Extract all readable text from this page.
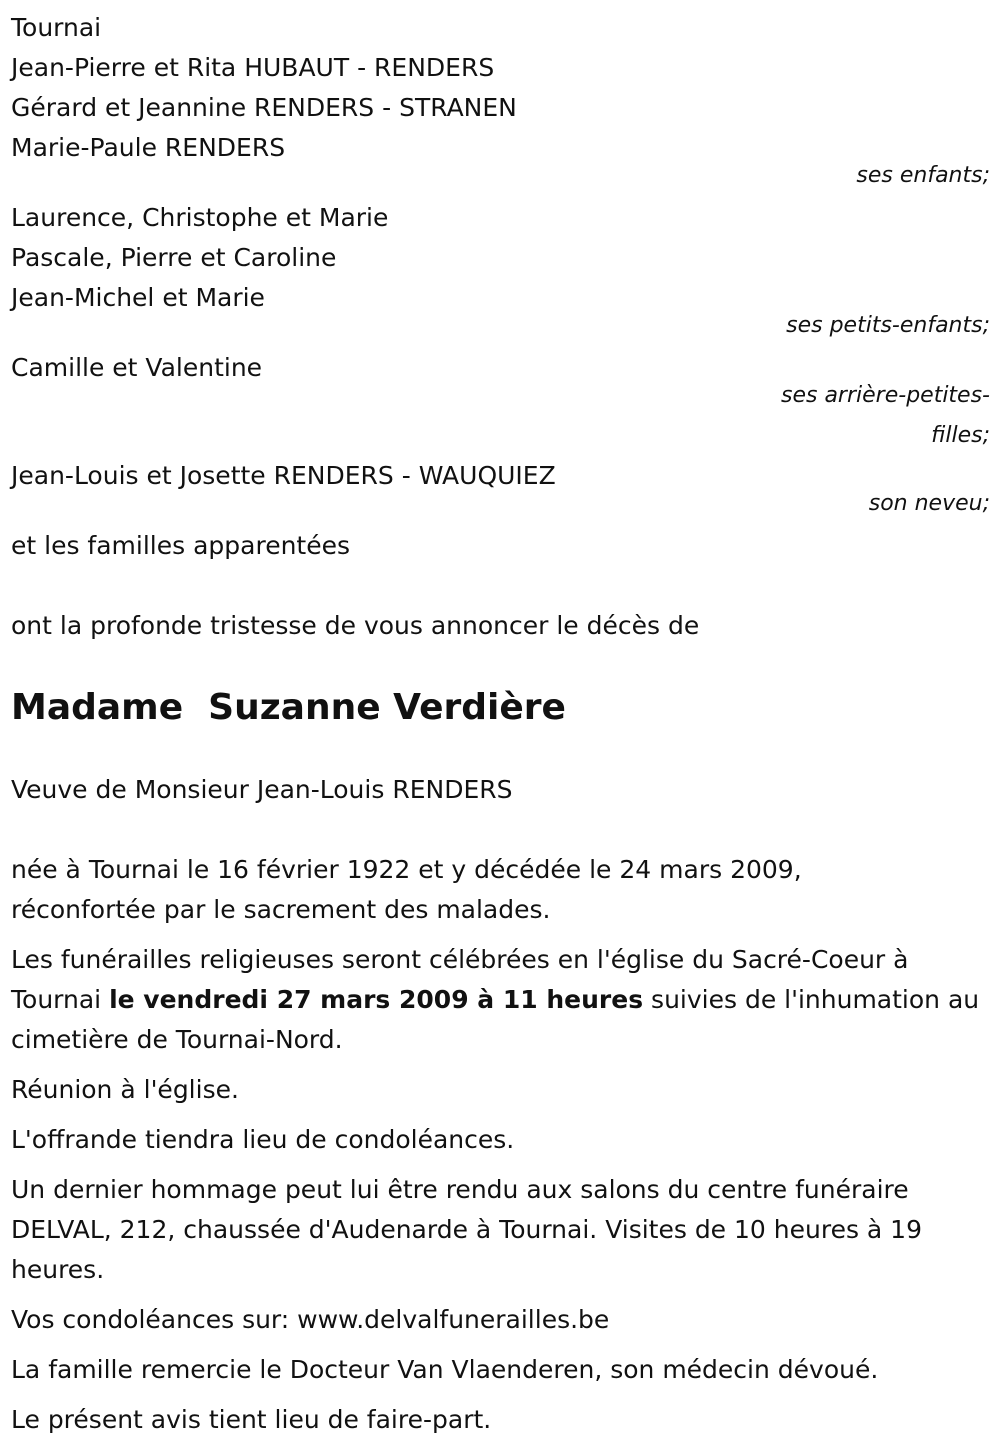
Tournai

Jean-Pierre et Rita HUBAUT - RENDERS

Gérard et Jeannine RENDERS - STRANEN

Marie-Paule RENDERS

ses enfants;

Laurence, Christophe et Marie

Pascale, Pierre et Caroline

Jean-Michel et Marie

ses petits-enfants;

Camille et Valentine

ses arrière-petites-filles;

Jean-Louis et Josette RENDERS - WAUQUIEZ

son neveu;

et les familles apparentées

ont la profonde tristesse de vous annoncer le décès de

Madame  Suzanne Verdière

Veuve de Monsieur Jean-Louis RENDERS

née à Tournai le 16 février 1922 et y décédée le 24 mars 2009,

réconfortée par le sacrement des malades.

Les funérailles religieuses seront célébrées en l'église du Sacré-Coeur à Tournai le vendredi 27 mars 2009 à 11 heures suivies de l'inhumation au cimetière de Tournai-Nord.

Réunion à l'église.

L'offrande tiendra lieu de condoléances.

Un dernier hommage peut lui être rendu aux salons du centre funéraire DELVAL, 212, chaussée d'Audenarde à Tournai. Visites de 10 heures à 19 heures.

Vos condoléances sur: www.delvalfunerailles.be

La famille remercie le Docteur Van Vlaenderen, son médecin dévoué.

Le présent avis tient lieu de faire-part.
